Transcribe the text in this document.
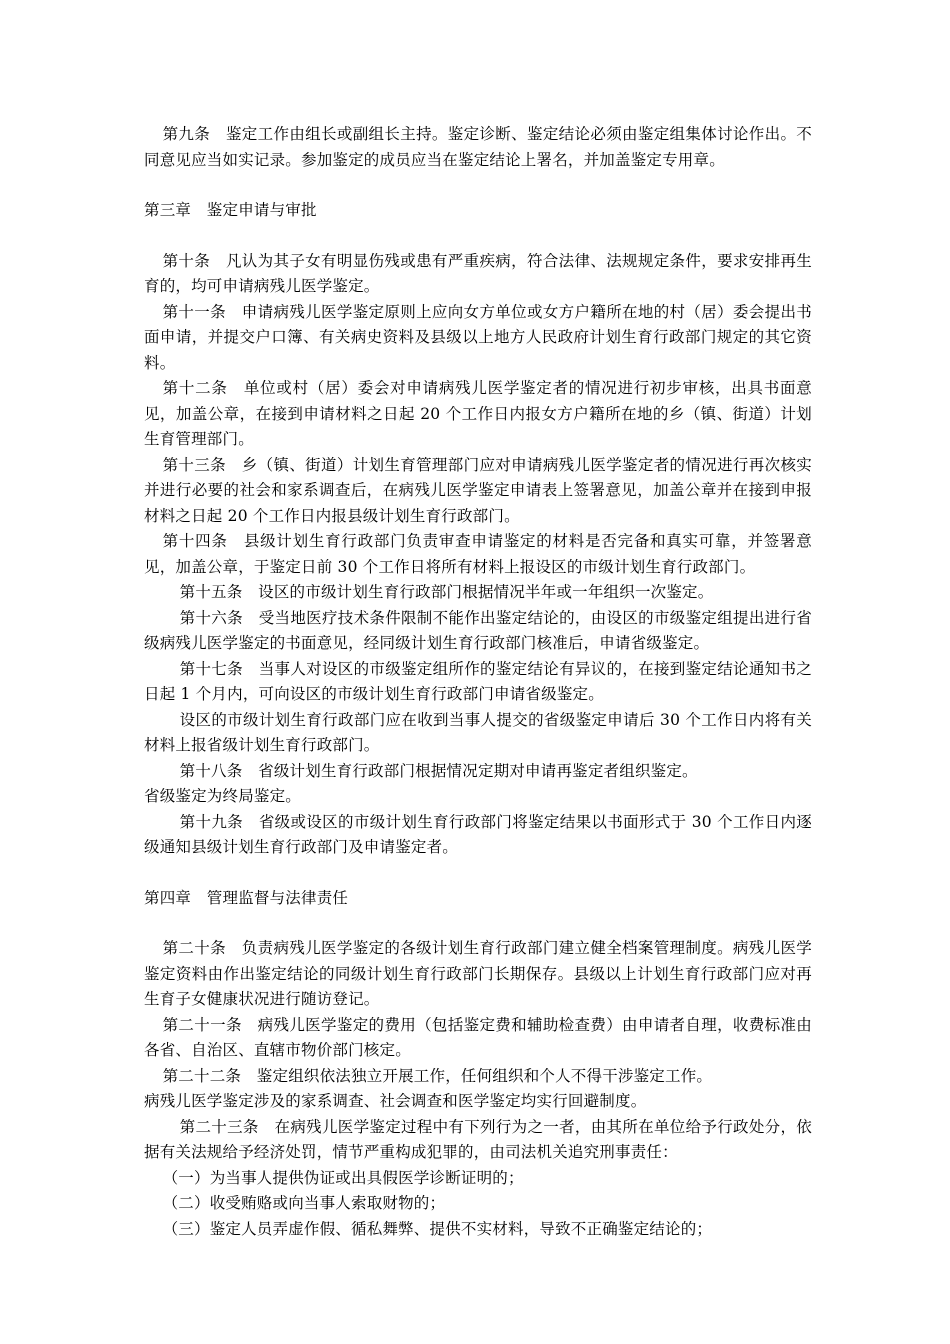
第九条　鉴定工作由组长或副组长主持。鉴定诊断、鉴定结论必须由鉴定组集体讨论作出。不同意见应当如实记录。参加鉴定的成员应当在鉴定结论上署名，并加盖鉴定专用章。

第三章　鉴定申请与审批

第十条　凡认为其子女有明显伤残或患有严重疾病，符合法律、法规规定条件，要求安排再生育的，均可申请病残儿医学鉴定。

第十一条　申请病残儿医学鉴定原则上应向女方单位或女方户籍所在地的村（居）委会提出书面申请，并提交户口簿、有关病史资料及县级以上地方人民政府计划生育行政部门规定的其它资料。

第十二条　单位或村（居）委会对申请病残儿医学鉴定者的情况进行初步审核，出具书面意见，加盖公章，在接到申请材料之日起 20 个工作日内报女方户籍所在地的乡（镇、街道）计划生育管理部门。

第十三条　乡（镇、街道）计划生育管理部门应对申请病残儿医学鉴定者的情况进行再次核实并进行必要的社会和家系调查后，在病残儿医学鉴定申请表上签署意见，加盖公章并在接到申报材料之日起 20 个工作日内报县级计划生育行政部门。

第十四条　县级计划生育行政部门负责审查申请鉴定的材料是否完备和真实可靠，并签署意见，加盖公章，于鉴定日前 30 个工作日将所有材料上报设区的市级计划生育行政部门。

第十五条　设区的市级计划生育行政部门根据情况半年或一年组织一次鉴定。

第十六条　受当地医疗技术条件限制不能作出鉴定结论的，由设区的市级鉴定组提出进行省级病残儿医学鉴定的书面意见，经同级计划生育行政部门核准后，申请省级鉴定。

第十七条　当事人对设区的市级鉴定组所作的鉴定结论有异议的，在接到鉴定结论通知书之日起 1 个月内，可向设区的市级计划生育行政部门申请省级鉴定。

设区的市级计划生育行政部门应在收到当事人提交的省级鉴定申请后 30 个工作日内将有关材料上报省级计划生育行政部门。

第十八条　省级计划生育行政部门根据情况定期对申请再鉴定者组织鉴定。

省级鉴定为终局鉴定。

第十九条　省级或设区的市级计划生育行政部门将鉴定结果以书面形式于 30 个工作日内逐级通知县级计划生育行政部门及申请鉴定者。

第四章　管理监督与法律责任

第二十条　负责病残儿医学鉴定的各级计划生育行政部门建立健全档案管理制度。病残儿医学鉴定资料由作出鉴定结论的同级计划生育行政部门长期保存。县级以上计划生育行政部门应对再生育子女健康状况进行随访登记。

第二十一条　病残儿医学鉴定的费用（包括鉴定费和辅助检查费）由申请者自理，收费标准由各省、自治区、直辖市物价部门核定。

第二十二条　鉴定组织依法独立开展工作，任何组织和个人不得干涉鉴定工作。

病残儿医学鉴定涉及的家系调查、社会调查和医学鉴定均实行回避制度。

第二十三条　在病残儿医学鉴定过程中有下列行为之一者，由其所在单位给予行政处分，依据有关法规给予经济处罚，情节严重构成犯罪的，由司法机关追究刑事责任：

（一）为当事人提供伪证或出具假医学诊断证明的；

（二）收受贿赂或向当事人索取财物的；

（三）鉴定人员弄虚作假、循私舞弊、提供不实材料，导致不正确鉴定结论的；
